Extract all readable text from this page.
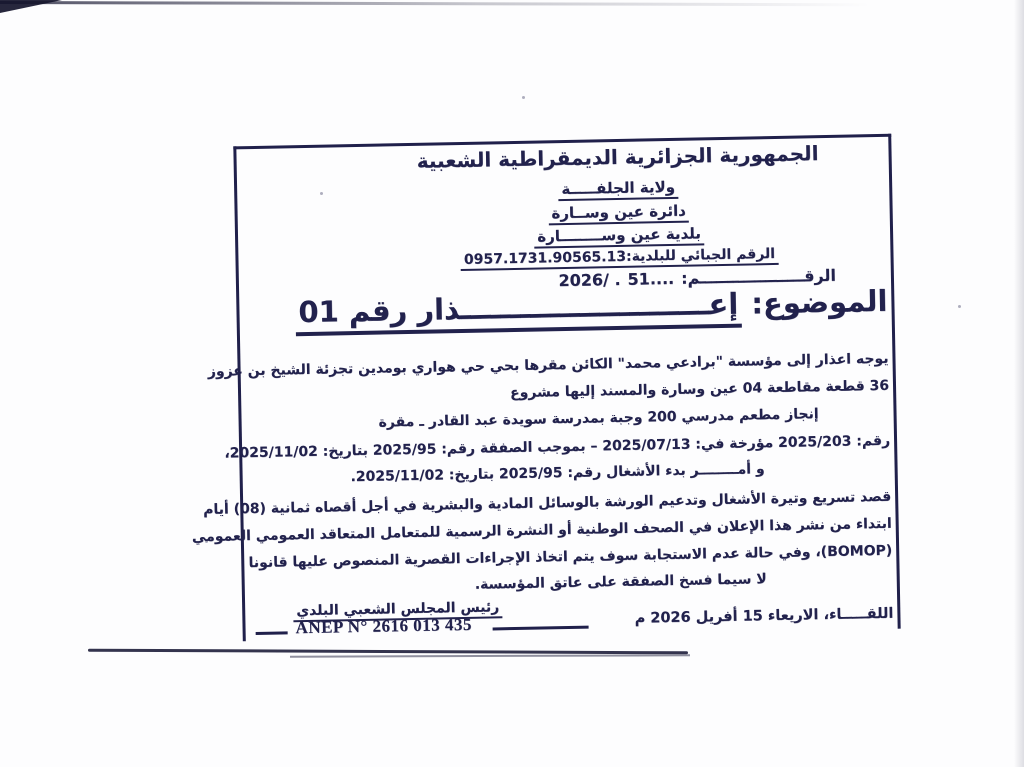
الجمهورية الجزائرية الديمقراطية الشعبية
ولاية الجلفـــــة
دائرة عين وســارة
بلدية عين وســــــــارة
الرقم الجبائي للبلدية:0957.1731.90565.13
الرقـــــــــــــــــــم:
51....
2026/ .
الموضوع: إعـــــــــــــــــــــــــذار رقم 01
يوجه اعذار إلى مؤسسة "برادعي محمد" الكائن مقرها بحي حي هواري بومدين تجزئة الشيخ بن عزوز
36 قطعة مقاطعة 04 عين وسارة والمسند إليها مشروع
إنجاز مطعم مدرسي 200 وجبة بمدرسة سويدة عبد القادر ـ مقرة
رقم: 2025/203 مؤرخة في: 2025/07/13 – بموجب الصفقة رقم: 2025/95 بتاريخ: 2025/11/02،
و أمــــــــر بدء الأشغال رقم: 2025/95 بتاريخ: 2025/11/02.
قصد تسريع وتيرة الأشغال وتدعيم الورشة بالوسائل المادية والبشرية في أجل أقصاه ثمانية (08) أيام
ابتداء من نشر هذا الإعلان في الصحف الوطنية أو النشرة الرسمية للمتعامل المتعاقد العمومي العمومي
(BOMOP)، وفي حالة عدم الاستجابة سوف يتم اتخاذ الإجراءات القصرية المنصوص عليها قانونا
لا سيما فسخ الصفقة على عاتق المؤسسة.
رئيس المجلس الشعبي البلدي
ANEP N° 2616 013 435	اللقـــــاء، الاريعاء 15 أفريل 2026 م
